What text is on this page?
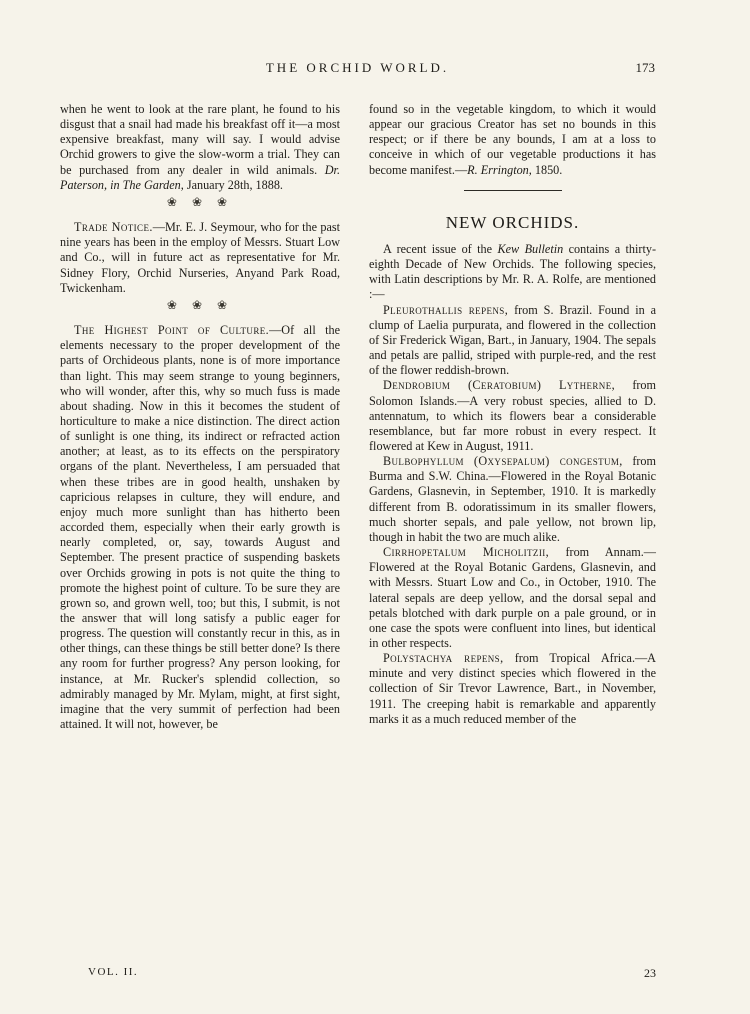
THE ORCHID WORLD.	173

when he went to look at the rare plant, he found to his disgust that a snail had made his breakfast off it—a most expensive breakfast, many will say. I would advise Orchid growers to give the slow-worm a trial. They can be purchased from any dealer in wild animals. Dr. Paterson, in The Garden, January 28th, 1888.

❀ ❀ ❀

Trade Notice.—Mr. E. J. Seymour, who for the past nine years has been in the employ of Messrs. Stuart Low and Co., will in future act as representative for Mr. Sidney Flory, Orchid Nurseries, Anyand Park Road, Twickenham.

❀ ❀ ❀

The Highest Point of Culture.—Of all the elements necessary to the proper development of the parts of Orchideous plants, none is of more importance than light. This may seem strange to young beginners, who will wonder, after this, why so much fuss is made about shading. Now in this it becomes the student of horticulture to make a nice distinction. The direct action of sunlight is one thing, its indirect or refracted action another; at least, as to its effects on the perspiratory organs of the plant. Nevertheless, I am persuaded that when these tribes are in good health, unshaken by capricious relapses in culture, they will endure, and enjoy much more sunlight than has hitherto been accorded them, especially when their early growth is nearly completed, or, say, towards August and September. The present practice of suspending baskets over Orchids growing in pots is not quite the thing to promote the highest point of culture. To be sure they are grown so, and grown well, too; but this, I submit, is not the answer that will long satisfy a public eager for progress. The question will constantly recur in this, as in other things, can these things be still better done? Is there any room for further progress? Any person looking, for instance, at Mr. Rucker's splendid collection, so admirably managed by Mr. Mylam, might, at first sight, imagine that the very summit of perfection had been attained. It will not, however, be

found so in the vegetable kingdom, to which it would appear our gracious Creator has set no bounds in this respect; or if there be any bounds, I am at a loss to conceive in which of our vegetable productions it has become manifest.—R. Errington, 1850.

NEW ORCHIDS.

A recent issue of the Kew Bulletin contains a thirty-eighth Decade of New Orchids. The following species, with Latin descriptions by Mr. R. A. Rolfe, are mentioned :—

Pleurothallis repens, from S. Brazil. Found in a clump of Laelia purpurata, and flowered in the collection of Sir Frederick Wigan, Bart., in January, 1904. The sepals and petals are pallid, striped with purple-red, and the rest of the flower reddish-brown.

Dendrobium (Ceratobium) Lytherne, from Solomon Islands.—A very robust species, allied to D. antennatum, to which its flowers bear a considerable resemblance, but far more robust in every respect. It flowered at Kew in August, 1911.

Bulbophyllum (Oxysepalum) congestum, from Burma and S.W. China.—Flowered in the Royal Botanic Gardens, Glasnevin, in September, 1910. It is markedly different from B. odoratissimum in its smaller flowers, much shorter sepals, and pale yellow, not brown lip, though in habit the two are much alike.

Cirrhopetalum Micholitzii, from Annam.—Flowered at the Royal Botanic Gardens, Glasnevin, and with Messrs. Stuart Low and Co., in October, 1910. The lateral sepals are deep yellow, and the dorsal sepal and petals blotched with dark purple on a pale ground, or in one case the spots were confluent into lines, but identical in other respects.

Polystachya repens, from Tropical Africa.—A minute and very distinct species which flowered in the collection of Sir Trevor Lawrence, Bart., in November, 1911. The creeping habit is remarkable and apparently marks it as a much reduced member of the

VOL. II.	23
